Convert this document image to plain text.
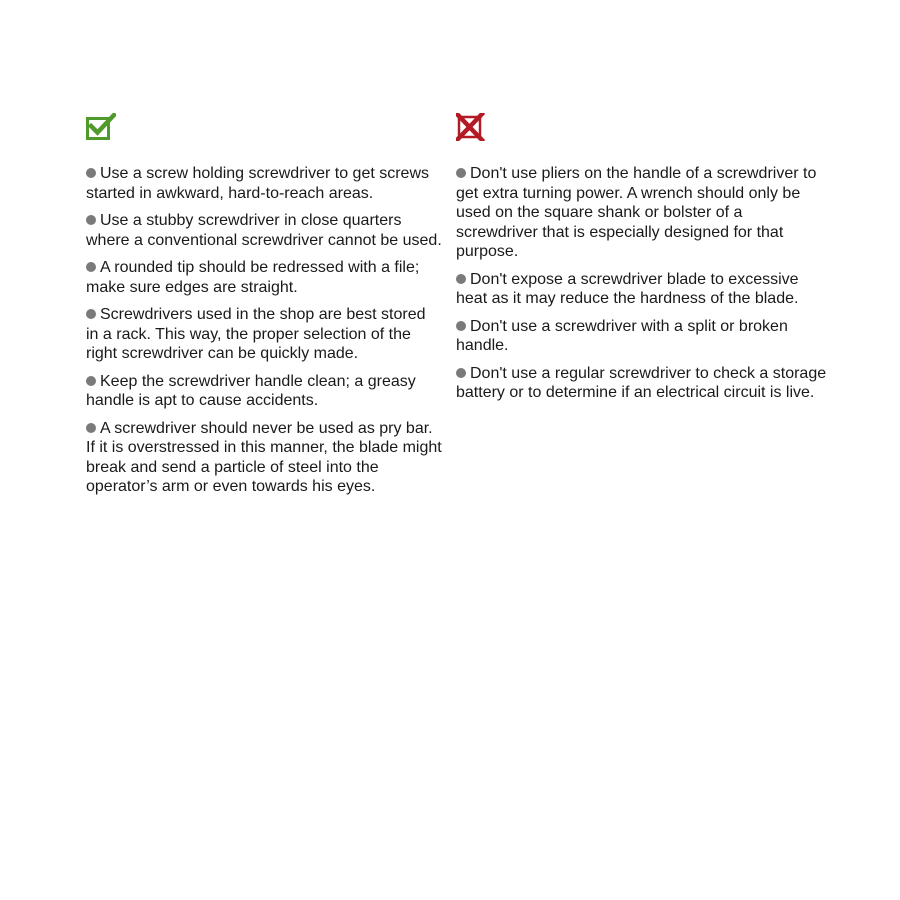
Use a screw holding screwdriver to get screws started in awkward, hard-to-reach areas.
Use a stubby screwdriver in close quarters where a conventional screwdriver cannot be used.
A rounded tip should be redressed with a file; make sure edges are straight.
Screwdrivers used in the shop are best stored in a rack. This way, the proper selection of the right screwdriver can be quickly made.
Keep the screwdriver handle clean; a greasy handle is apt to cause accidents.
A screwdriver should never be used as pry bar. If it is overstressed in this manner, the blade might break and send a particle of steel into the operator’s arm or even towards his eyes.
Don't use pliers on the handle of a screwdriver to get extra turning power. A wrench should only be used on the square shank or bolster of a screwdriver that is especially designed for that purpose.
Don't expose a screwdriver blade to excessive heat as it may reduce the hardness of the blade.
Don't use a screwdriver with a split or broken handle.
Don't use a regular screwdriver to check a storage battery or to determine if an electrical circuit is live.
